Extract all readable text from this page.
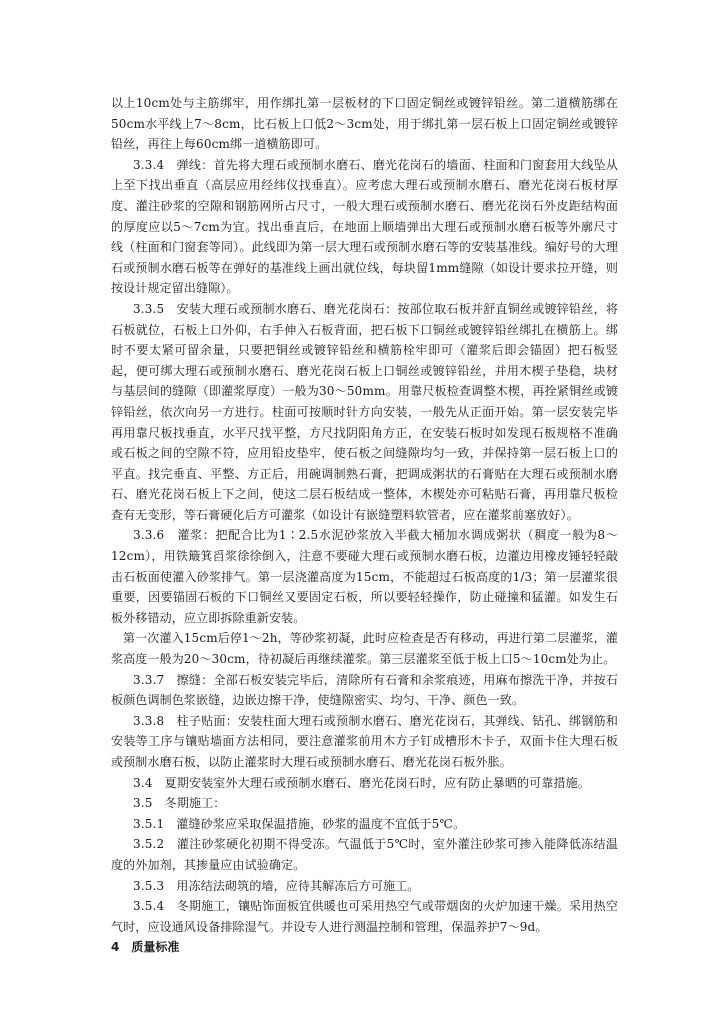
以上10cm处与主筋绑牢，用作绑扎第一层板材的下口固定铜丝或镀锌铅丝。第二道横筋绑在50cm水平线上7～8cm，比石板上口低2～3cm处，用于绑扎第一层石板上口固定铜丝或镀锌铅丝，再往上每60cm绑一道横筋即可。

3.3.4　弹线：首先将大理石或预制水磨石、磨光花岗石的墙面、柱面和门窗套用大线坠从上至下找出垂直（高层应用经纬仪找垂直）。应考虑大理石或预制水磨石、磨光花岗石板材厚度、灌注砂浆的空隙和钢筋网所占尺寸，一般大理石或预制水磨石、磨光花岗石外皮距结构面的厚度应以5～7cm为宜。找出垂直后，在地面上顺墙弹出大理石或预制水磨石板等外廓尺寸线（柱面和门窗套等同）。此线即为第一层大理石或预制水磨石等的安装基准线。编好号的大理石或预制水磨石板等在弹好的基准线上画出就位线，每块留1mm缝隙（如设计要求拉开缝，则按设计规定留出缝隙）。

3.3.5　安装大理石或预制水磨石、磨光花岗石：按部位取石板并舒直铜丝或镀锌铅丝，将石板就位，石板上口外仰，右手伸入石板背面，把石板下口铜丝或镀锌铅丝绑扎在横筋上。绑时不要太紧可留余量，只要把铜丝或镀锌铅丝和横筋栓牢即可（灌浆后即会锚固）把石板竖起，便可绑大理石或预制水磨石、磨光花岗石板上口铜丝或镀锌铅丝，并用木楔子垫稳，块材与基层间的缝隙（即灌浆厚度）一般为30～50mm。用靠尺板检查调整木楔，再拴紧铜丝或镀锌铅丝，依次向另一方进行。柱面可按顺时针方向安装，一般先从正面开始。第一层安装完毕再用靠尺板找垂直，水平尺找平整，方尺找阴阳角方正，在安装石板时如发现石板规格不准确或石板之间的空隙不符，应用铅皮垫牢，使石板之间缝隙均匀一致，并保持第一层石板上口的平直。找完垂直、平整、方正后，用碗调制熟石膏，把调成粥状的石膏贴在大理石或预制水磨石、磨光花岗石板上下之间，使这二层石板结成一整体，木楔处亦可粘贴石膏，再用靠尺板检查有无变形，等石膏硬化后方可灌浆（如设计有嵌缝塑料软管者，应在灌浆前塞放好）。

3.3.6　灌浆：把配合比为1∶2.5水泥砂浆放入半截大桶加水调成粥状（稠度一般为8～12cm），用铁簸箕舀浆徐徐倒入，注意不要碰大理石或预制水磨石板，边灌边用橡皮锤轻轻敲击石板面使灌入砂浆排气。第一层浇灌高度为15cm，不能超过石板高度的1/3；第一层灌浆很重要，因要锚固石板的下口铜丝又要固定石板，所以要轻轻操作，防止碰撞和猛灌。如发生石板外移错动，应立即拆除重新安装。

第一次灌入15cm后停1～2h，等砂浆初凝，此时应检查是否有移动，再进行第二层灌浆，灌浆高度一般为20～30cm，待初凝后再继续灌浆。第三层灌浆至低于板上口5～10cm处为止。

3.3.7　擦缝：全部石板安装完毕后，清除所有石膏和余浆痕迹，用麻布擦洗干净，并按石板颜色调制色浆嵌缝，边嵌边擦干净，使缝隙密实、均匀、干净、颜色一致。

3.3.8　柱子贴面：安装柱面大理石或预制水磨石、磨光花岗石，其弹线、钻孔、绑钢筋和安装等工序与镶贴墙面方法相同，要注意灌浆前用木方子钉成槽形木卡子，双面卡住大理石板或预制水磨石板，以防止灌浆时大理石或预制水磨石、磨光花岗石板外胀。

3.4　夏期安装室外大理石或预制水磨石、磨光花岗石时，应有防止暴晒的可靠措施。

3.5　冬期施工：

3.5.1　灌缝砂浆应采取保温措施，砂浆的温度不宜低于5℃。

3.5.2　灌注砂浆硬化初期不得受冻。气温低于5℃时，室外灌注砂浆可掺入能降低冻结温度的外加剂，其掺量应由试验确定。

3.5.3　用冻结法砌筑的墙，应待其解冻后方可施工。

3.5.4　冬期施工，镶贴饰面板宜供暖也可采用热空气或带烟囱的火炉加速干燥。采用热空气时，应设通风设备排除湿气。并设专人进行测温控制和管理，保温养护7～9d。

4　质量标准
